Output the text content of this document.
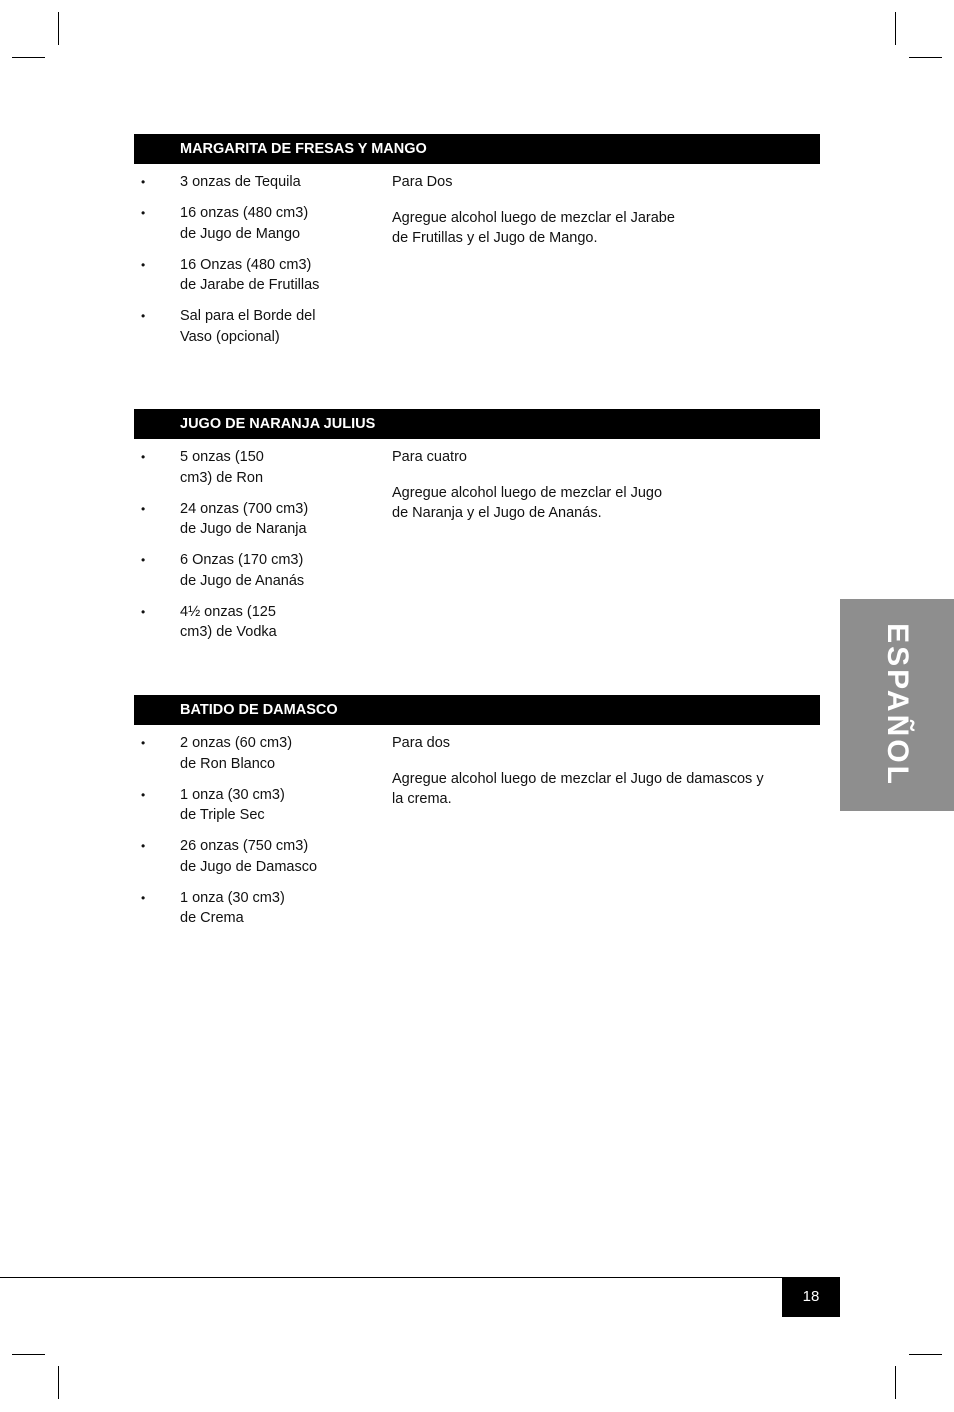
MARGARITA DE FRESAS Y MANGO
• 3 onzas de Tequila
• 16 onzas (480 cm3)
de Jugo de Mango
• 16 Onzas (480 cm3)
de Jarabe de Frutillas
• Sal para el Borde del
Vaso (opcional)

Para Dos

Agregue alcohol luego de mezclar el Jarabe
de Frutillas y el Jugo de Mango.
JUGO DE NARANJA JULIUS
• 5 onzas (150
cm3) de Ron
• 24 onzas (700 cm3)
de Jugo de Naranja
• 6 Onzas (170 cm3)
de Jugo de Ananás
• 4½ onzas (125
cm3) de Vodka

Para cuatro

Agregue alcohol luego de mezclar el Jugo
de Naranja y el Jugo de Ananás.
BATIDO DE DAMASCO
• 2 onzas (60 cm3)
de Ron Blanco
• 1 onza (30 cm3)
de Triple Sec
• 26 onzas (750 cm3)
de Jugo de Damasco
• 1 onza (30 cm3)
de Crema

Para dos

Agregue alcohol luego de mezclar el Jugo de damascos y
la crema.
ESPAÑOL
18
